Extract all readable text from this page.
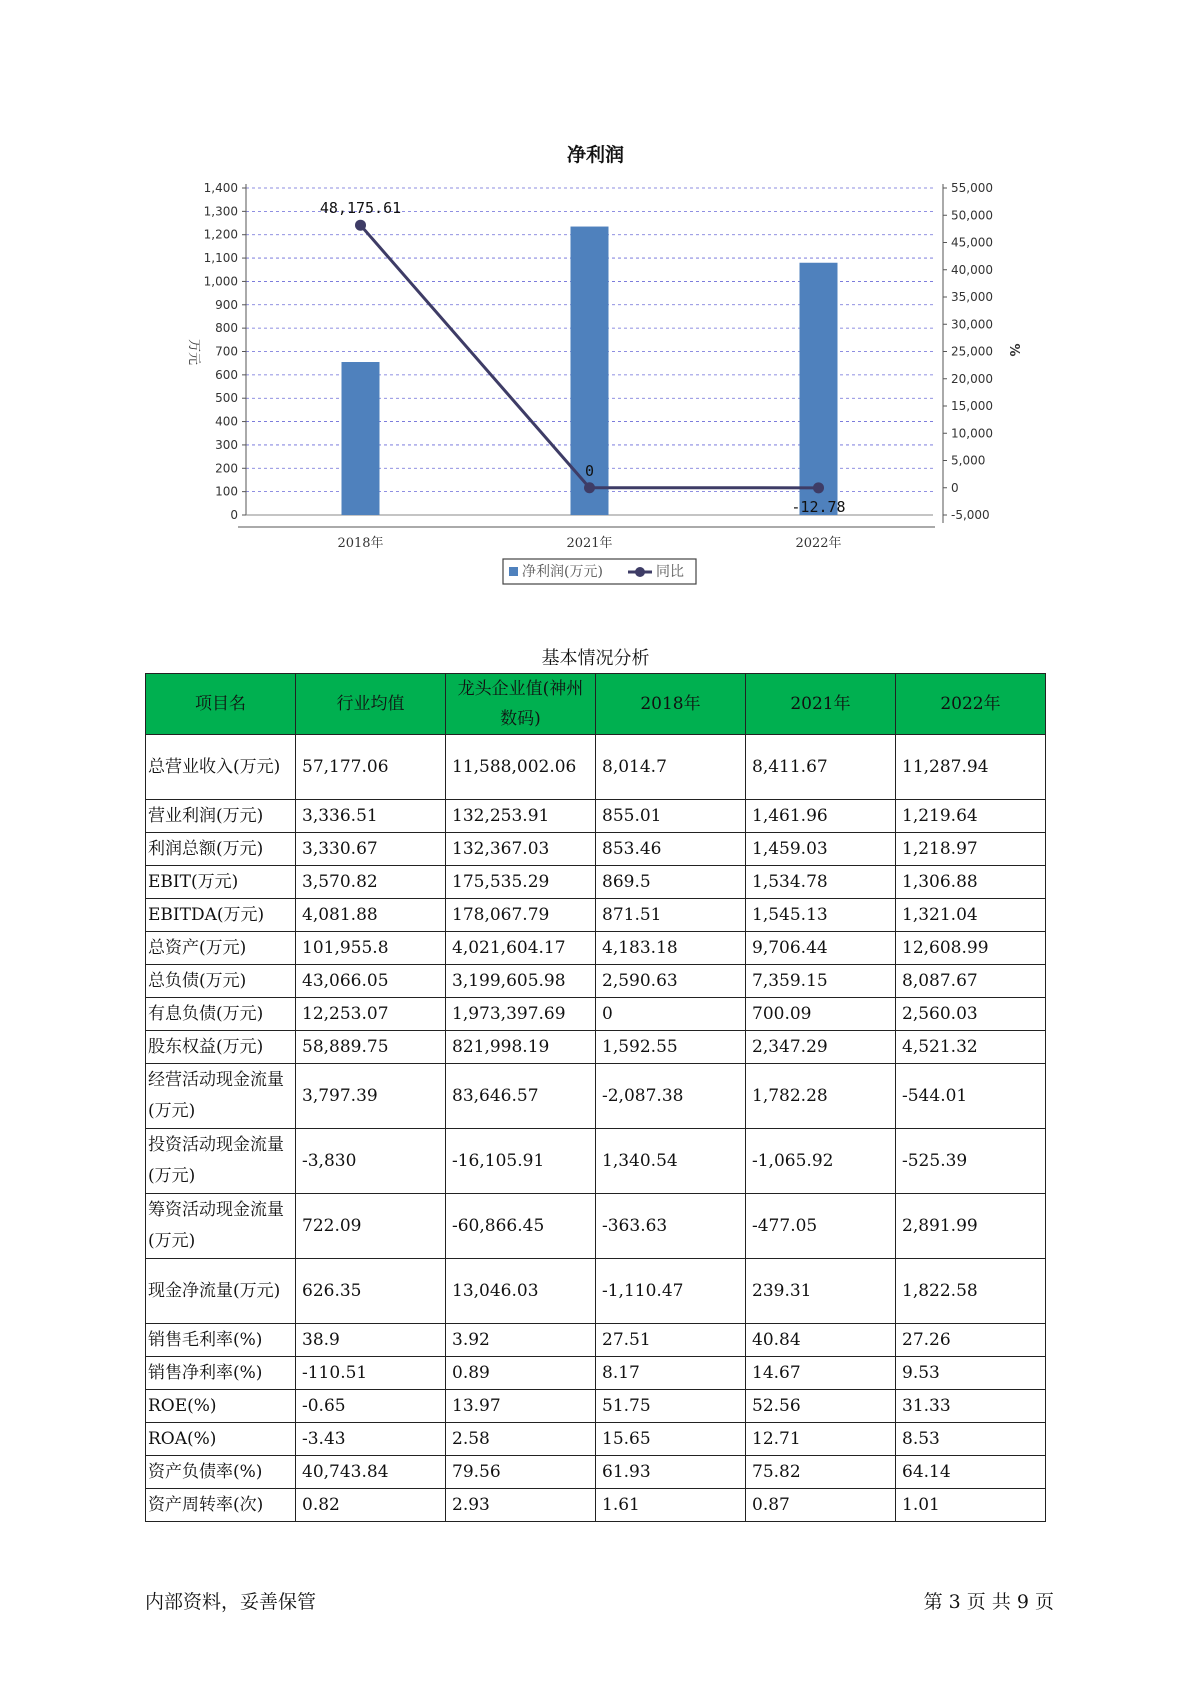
净利润
0
100
200
300
400
500
600
700
800
900
1,000
1,100
1,200
1,300
1,400
-5,000
0
5,000
10,000
15,000
20,000
25,000
30,000
35,000
40,000
45,000
50,000
55,000
万元	%
2018年	2021年	2022年
48,175.61
0
-12.78
净利润(万元)	同比
基本情况分析
项目名	行业均值	龙头企业值(神州数码)	2018年	2021年	2022年
总营业收入(万元)	57,177.06	11,588,002.06	8,014.7	8,411.67	11,287.94
营业利润(万元)	3,336.51	132,253.91	855.01	1,461.96	1,219.64
利润总额(万元)	3,330.67	132,367.03	853.46	1,459.03	1,218.97
EBIT(万元)	3,570.82	175,535.29	869.5	1,534.78	1,306.88
EBITDA(万元)	4,081.88	178,067.79	871.51	1,545.13	1,321.04
总资产(万元)	101,955.8	4,021,604.17	4,183.18	9,706.44	12,608.99
总负债(万元)	43,066.05	3,199,605.98	2,590.63	7,359.15	8,087.67
有息负债(万元)	12,253.07	1,973,397.69	0	700.09	2,560.03
股东权益(万元)	58,889.75	821,998.19	1,592.55	2,347.29	4,521.32
经营活动现金流量(万元)	3,797.39	83,646.57	-2,087.38	1,782.28	-544.01
投资活动现金流量(万元)	-3,830	-16,105.91	1,340.54	-1,065.92	-525.39
筹资活动现金流量(万元)	722.09	-60,866.45	-363.63	-477.05	2,891.99
现金净流量(万元)	626.35	13,046.03	-1,110.47	239.31	1,822.58
销售毛利率(%)	38.9	3.92	27.51	40.84	27.26
销售净利率(%)	-110.51	0.89	8.17	14.67	9.53
ROE(%)	-0.65	13.97	51.75	52.56	31.33
ROA(%)	-3.43	2.58	15.65	12.71	8.53
资产负债率(%)	40,743.84	79.56	61.93	75.82	64.14
资产周转率(次)	0.82	2.93	1.61	0.87	1.01
内部资料，妥善保管	第 3 页 共 9 页
